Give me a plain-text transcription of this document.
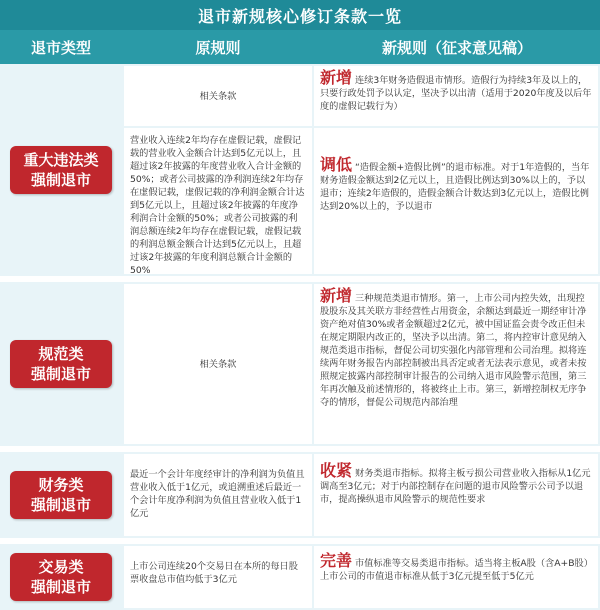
退市新规核心修订条款一览
退市类型	原规则	新规则（征求意见稿）
重大违法类
强制退市
相关条款
营业收入连续2年均存在虚假记载，虚假记载的营业收入金额合计达到5亿元以上，且超过该2年披露的年度营业收入合计金额的50%；或者公司披露的净利润连续2年均存在虚假记载，虚假记载的净利润金额合计达到5亿元以上，且超过该2年披露的年度净利润合计金额的50%；或者公司披露的利润总额连续2年均存在虚假记载，虚假记载的利润总额金额合计达到5亿元以上，且超过该2年披露的年度利润总额合计金额的50%
新增 连续3年财务造假退市情形。造假行为持续3年及以上的，只要行政处罚予以认定，坚决予以出清（适用于2020年度及以后年度的虚假记载行为）
调低 “造假金额+造假比例”的退市标准。对于1年造假的，当年财务造假金额达到2亿元以上，且造假比例达到30%以上的，予以退市；连续2年造假的，造假金额合计数达到3亿元以上，造假比例达到20%以上的，予以退市
规范类
强制退市
相关条款
新增 三种规范类退市情形。第一，上市公司内控失效，出现控股股东及其关联方非经营性占用资金，余额达到最近一期经审计净资产绝对值30%或者金额超过2亿元，被中国证监会责令改正但未在规定期限内改正的，坚决予以出清。第二，将内控审计意见纳入规范类退市指标，督促公司切实强化内部管理和公司治理。拟将连续两年财务报告内部控制被出具否定或者无法表示意见，或者未按照规定披露内部控制审计报告的公司纳入退市风险警示范围，第三年再次触及前述情形的，将被终止上市。第三，新增控制权无序争夺的情形，督促公司规范内部治理
财务类
强制退市
最近一个会计年度经审计的净利润为负值且营业收入低于1亿元，或追溯重述后最近一个会计年度净利润为负值且营业收入低于1亿元
收紧 财务类退市指标。拟将主板亏损公司营业收入指标从1亿元调高至3亿元；对于内部控制存在问题的退市风险警示公司予以退市，提高操纵退市风险警示的规范性要求
交易类
强制退市
上市公司连续20个交易日在本所的每日股票收盘总市值均低于3亿元
完善 市值标准等交易类退市指标。适当将主板A股（含A+B股）上市公司的市值退市标准从低于3亿元提至低于5亿元
